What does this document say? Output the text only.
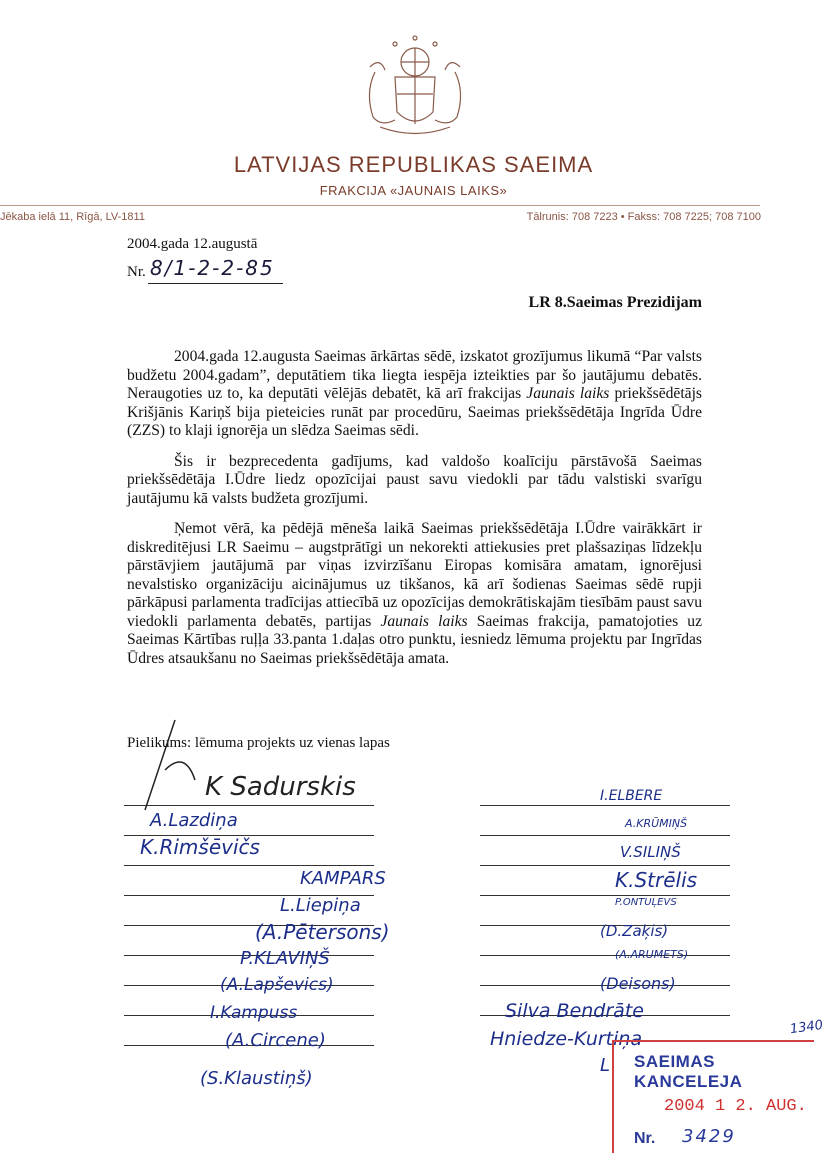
LATVIJAS REPUBLIKAS SAEIMA
FRAKCIJA «JAUNAIS LAIKS»
Jēkaba ielā 11, Rīgā, LV-1811	Tālrunis: 708 7223 • Fakss: 708 7225; 708 7100
2004.gada 12.augustā
Nr. 8/1-2-2-85
LR 8.Saeimas Prezidijam

2004.gada 12.augusta Saeimas ārkārtas sēdē, izskatot grozījumus likumā “Par valsts budžetu 2004.gadam”, deputātiem tika liegta iespēja izteikties par šo jautājumu debatēs. Neraugoties uz to, ka deputāti vēlējās debatēt, kā arī frakcijas Jaunais laiks priekšsēdētājs Krišjānis Kariņš bija pieteicies runāt par procedūru, Saeimas priekšsēdētāja Ingrīda Ūdre (ZZS) to klaji ignorēja un slēdza Saeimas sēdi.

Šis ir bezprecedenta gadījums, kad valdošo koalīciju pārstāvošā Saeimas priekšsēdētāja I.Ūdre liedz opozīcijai paust savu viedokli par tādu valstiski svarīgu jautājumu kā valsts budžeta grozījumi.

Ņemot vērā, ka pēdējā mēneša laikā Saeimas priekšsēdētāja I.Ūdre vairākkārt ir diskreditējusi LR Saeimu – augstprātīgi un nekorekti attiekusies pret plašsaziņas līdzekļu pārstāvjiem jautājumā par viņas izvirzīšanu Eiropas komisāra amatam, ignorējusi nevalstisko organizāciju aicinājumus uz tikšanos, kā arī šodienas Saeimas sēdē rupji pārkāpusi parlamenta tradīcijas attiecībā uz opozīcijas demokrātiskajām tiesībām paust savu viedokli parlamenta debatēs, partijas Jaunais laiks Saeimas frakcija, pamatojoties uz Saeimas Kārtības ruļļa 33.panta 1.daļas otro punktu, iesniedz lēmuma projektu par Ingrīdas Ūdres atsaukšanu no Saeimas priekšsēdētāja amata.

Pielikums: lēmuma projekts uz vienas lapas
K Sadurskis
A.Lazdiņa
K.Rimšēvičs
KAMPARS
L.Liepiņa
(A.Pētersons)
P.KLAVIŅŠ
(A.Lapševics)
I.Kampuss
(A.Circene)
(S.Klaustiņš)
I.ELBERE
A.KRŪMIŅŠ
V.SILIŅŠ
K.Strēlis
P.ONTUĻEVS
(D.Zaķis)
(A.ARUMETS)
(Deisons)
Silva Bendrāte
Hniedze-Kurtiņa
L
1340
SAEIMAS KANCELEJA
2004 1 2. AUG.
Nr. 3429
